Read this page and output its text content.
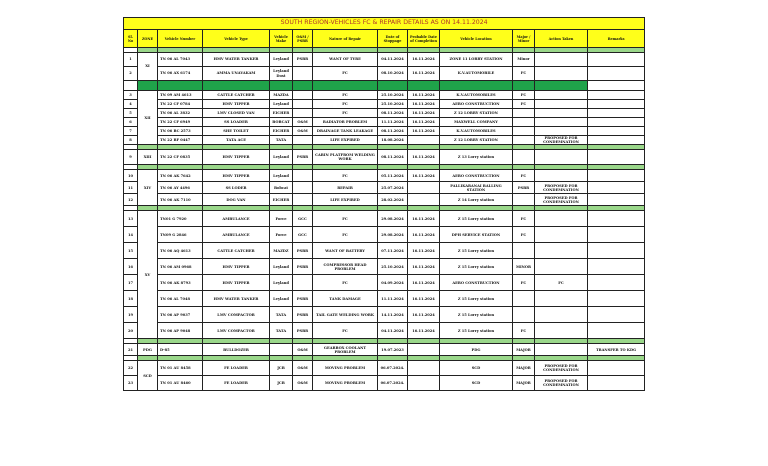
SOUTH REGION-VEHICLES FC & REPAIR DETAILS AS ON 14.11.2024												
Sl. No	ZONE	Vehicle Number	Vehicle Type	Vehicle Make	O&M / PSBR	Nature of Repair	Date of Stoppage	Probable Date of Completion	Vehicle Location	Major / Minor	Action Taken	Remarks

1	XI	TN 06 AL 7043	HMV WATER TANKER	Leyland	PSBR	WANT OF TYRE	04.11.2024	16.11.2024	ZONE 11 LORRY STATION	Minor		
2		TN 06 AX 6174	AMMA UNAVAKAM	Leyland Dost		FC	08.10.2024	16.11.2024	K.V.AUTOMOBILE	FC		

3	XII	TN 09 AM 4613	CATTLE CATCHER	MAZDA		FC	25.10.2024	16.11.2024	K.V.AUTOMOBILES	FC		
4		TN 22 CF 0784	HMV TIPPER	Leyland		FC	25.10.2024	16.11.2024	AERO CONSTRUCTION	FC		
5		TN 06 AL 3832	LMV CLOSED VAN	EICHER		FC	08.11.2024	16.11.2024	Z 12 LORRY STATION			
6		TN 22 CF 6949	SS LOADER	BOBCAT	O&M	RADIATOR PROBLEM	11.11.2024	16.11.2024	MAXWELL COMPANY			
7		TN 06 BC 2573	SHE TOILET	EICHER	O&M	DRAINAGE TANK LEAKAGE	08.11.2024	16.11.2024	K.V.AUTOMOBILES			
8		TN 22 BF 0447	TATA ACE	TATA		LIFE EXPIRED	18.08.2024		Z 12 LORRY STATION		PROPOSED FOR CONDEMNATION	

9	XIII	TN 22 CF 0835	HMV TIPPER	Leyland	PSBR	CABIN PLATFROM WELDING WORK	08.11.2024	16.11.2024	Z 13 Lorry station			

10	XIV	TN 06 AK 7642	HMV TIPPER	Leyland		FC	05.11.2024	16.11.2024	AERO CONSTRUCTION	FC		
11		TN 06 AY 4496	SS LODER	Bobcat		REPAIR	25.07.2024		PALLIKARANAI BALLING STATION	PSBR	PROPOSED FOR CONDEMNATION	
12		TN 06 AK 7110	DOG VAN	EICHER		LIFE EXPIRED	28.02.2024		Z 14 Lorry station		PROPOSED FOR CONDEMNATION	

13	XV	TN01 G 7920	AMBULANCE	Force	GCC	FC	29.08.2024	16.11.2024	Z 15 Lorry station	FC		
14		TN09 G 2846	AMBULANCE	Force	GCC	FC	29.08.2024	16.11.2024	DPH SERVICE STATION	FC		
15		TN 06 AQ 4613	CATTLE CATCHER	MAZDZ	PSBR	WANT OF BATTERY	07.11.2024	16.11.2024	Z 15 Lorry station			
16		TN 06 AM 0968	HMV TIPPER	Leyland	PSBR	COMPRESSOR HEAD PROBLEM	25.10.2024	16.11.2024	Z 15 Lorry station	MINOR		
17		TN 06 AK 8793	HMV TIPPER	Leyland		FC	04.09.2024	16.11.2024	AERO CONSTRUCTION	FC	FC	
18		TN 06 AL 7048	HMV WATER TANKER	Leyland	PSBR	TANK DAMAGE	11.11.2024	16.11.2024	Z 15 Lorry station			
19		TN 06 AP 9037	LMV COMPACTOR	TATA	PSBR	TAIL GATE WELDING WORK	14.11.2024	16.11.2024	Z 15 Lorry station			
20		TN 06 AP 9048	LMV COMPACTOR	TATA	PSBR	FC	04.11.2024	16.11.2024	Z 15 Lorry station	FC		

21	PDG	D-85	BULLDOZER		O&M	GEARBOX COOLANT PROBLEM	19.07.2023		PDG	MAJOR		TRANSFER TO KDG

22	SCD	TN 01 AU 8458	FE LOADER	JCB	O&M	MOVING PROBLEM	06.07.2024.		SCD	MAJOR	PROPOSED FOR CONDEMNATION	
23		TN 01 AU 8460	FE LOADER	JCB	O&M	MOVING PROBLEM	06.07.2024.		SCD	MAJOR	PROPOSED FOR CONDEMNATION	
